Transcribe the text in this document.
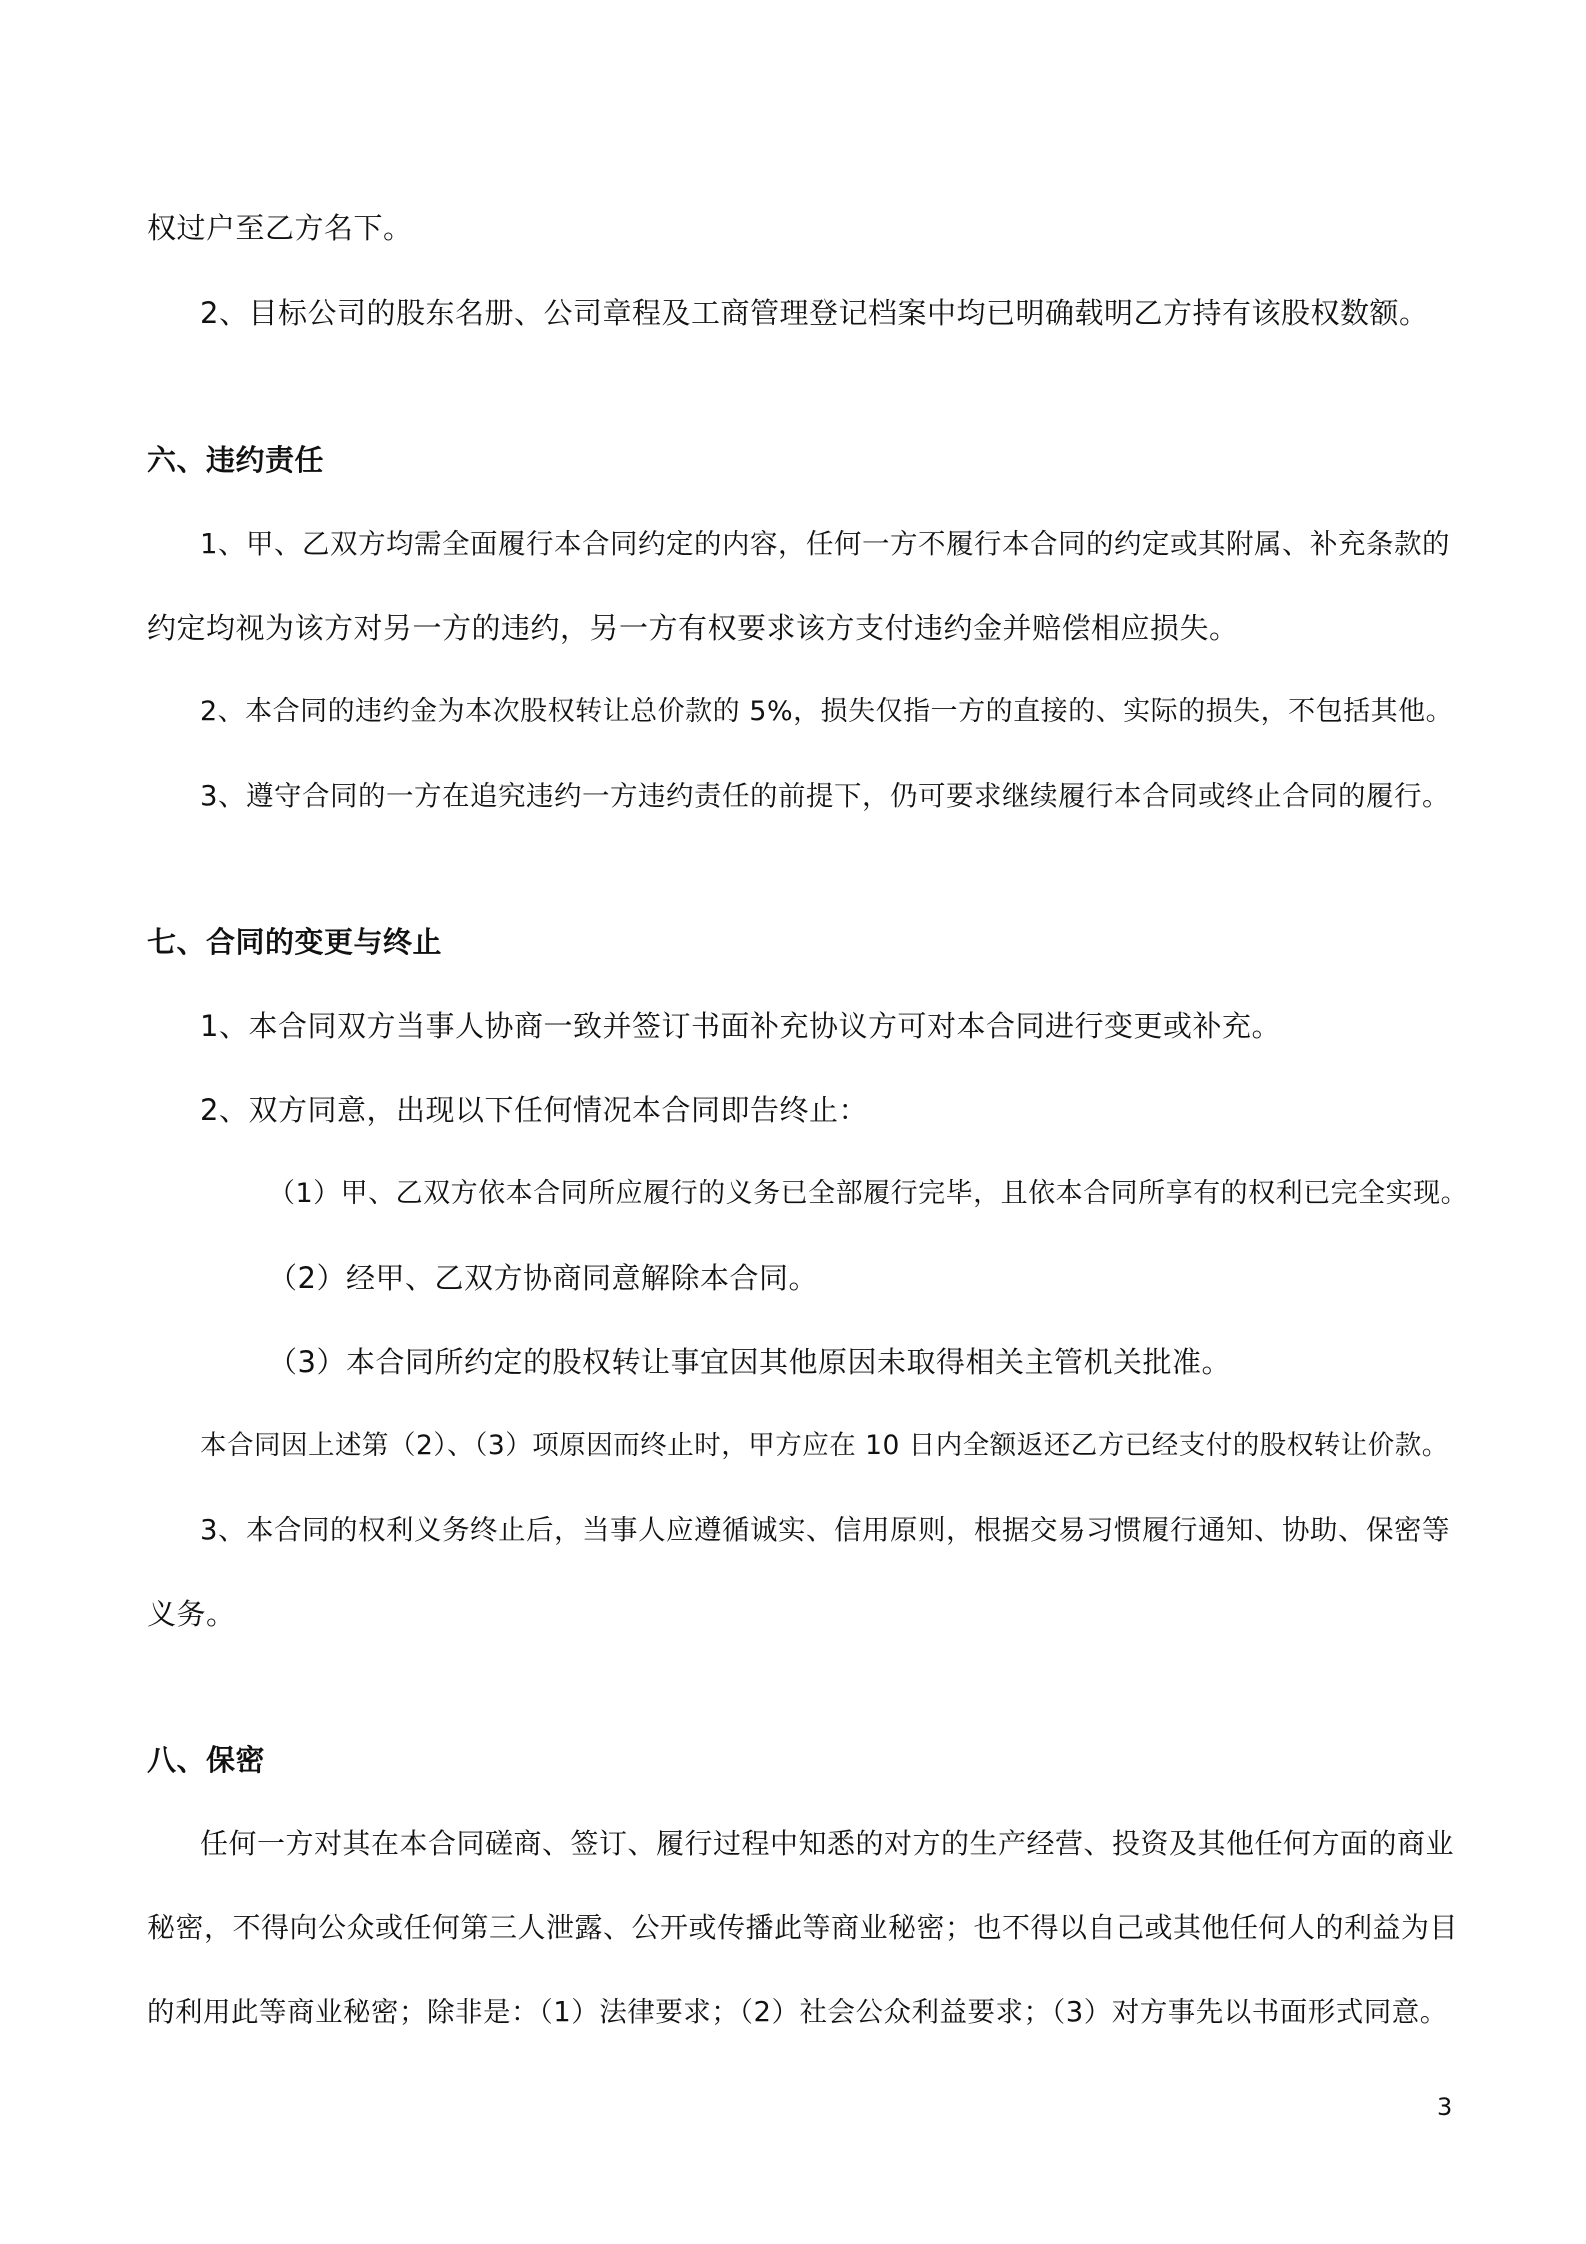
权过户至乙方名下。
2、目标公司的股东名册、公司章程及工商管理登记档案中均已明确载明乙方持有该股权数额。
六、违约责任
1、甲、乙双方均需全面履行本合同约定的内容，任何一方不履行本合同的约定或其附属、补充条款的
约定均视为该方对另一方的违约，另一方有权要求该方支付违约金并赔偿相应损失。
2、本合同的违约金为本次股权转让总价款的 5%，损失仅指一方的直接的、实际的损失，不包括其他。
3、遵守合同的一方在追究违约一方违约责任的前提下，仍可要求继续履行本合同或终止合同的履行。
七、合同的变更与终止
1、本合同双方当事人协商一致并签订书面补充协议方可对本合同进行变更或补充。
2、双方同意，出现以下任何情况本合同即告终止：
（1）甲、乙双方依本合同所应履行的义务已全部履行完毕，且依本合同所享有的权利已完全实现。
（2）经甲、乙双方协商同意解除本合同。
（3）本合同所约定的股权转让事宜因其他原因未取得相关主管机关批准。
本合同因上述第（2）、（3）项原因而终止时，甲方应在 10 日内全额返还乙方已经支付的股权转让价款。
3、本合同的权利义务终止后，当事人应遵循诚实、信用原则，根据交易习惯履行通知、协助、保密等
义务。
八、保密
任何一方对其在本合同磋商、签订、履行过程中知悉的对方的生产经营、投资及其他任何方面的商业
秘密，不得向公众或任何第三人泄露、公开或传播此等商业秘密；也不得以自己或其他任何人的利益为目
的利用此等商业秘密；除非是：（1）法律要求；（2）社会公众利益要求；（3）对方事先以书面形式同意。
3
